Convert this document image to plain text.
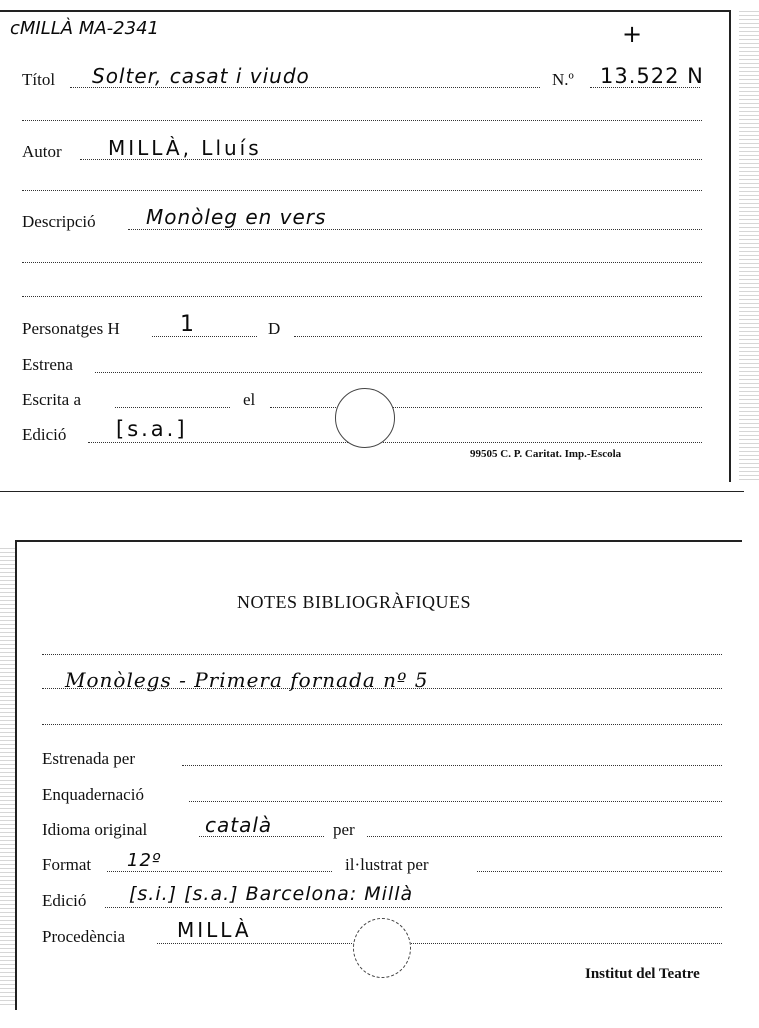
cMILLÀ MA-2341	+
Títol Solter, casat i viudo	N.º 13.522 N
Autor MILLÀ, Lluís
Descripció	Monòleg en vers
Personatges H	1	D
Estrena
Escrita a	el
Edició [s.a.]
99505 C. P. Caritat. Imp.-Escola
NOTES BIBLIOGRÀFIQUES
Monòlegs - Primera fornada nº 5
Estrenada per
Enquadernació
Idioma original	català	per
Format 12º	il·lustrat per
Edició [s.i.] [s.a.] Barcelona: Millà
Procedència	MILLÀ
Institut del Teatre
